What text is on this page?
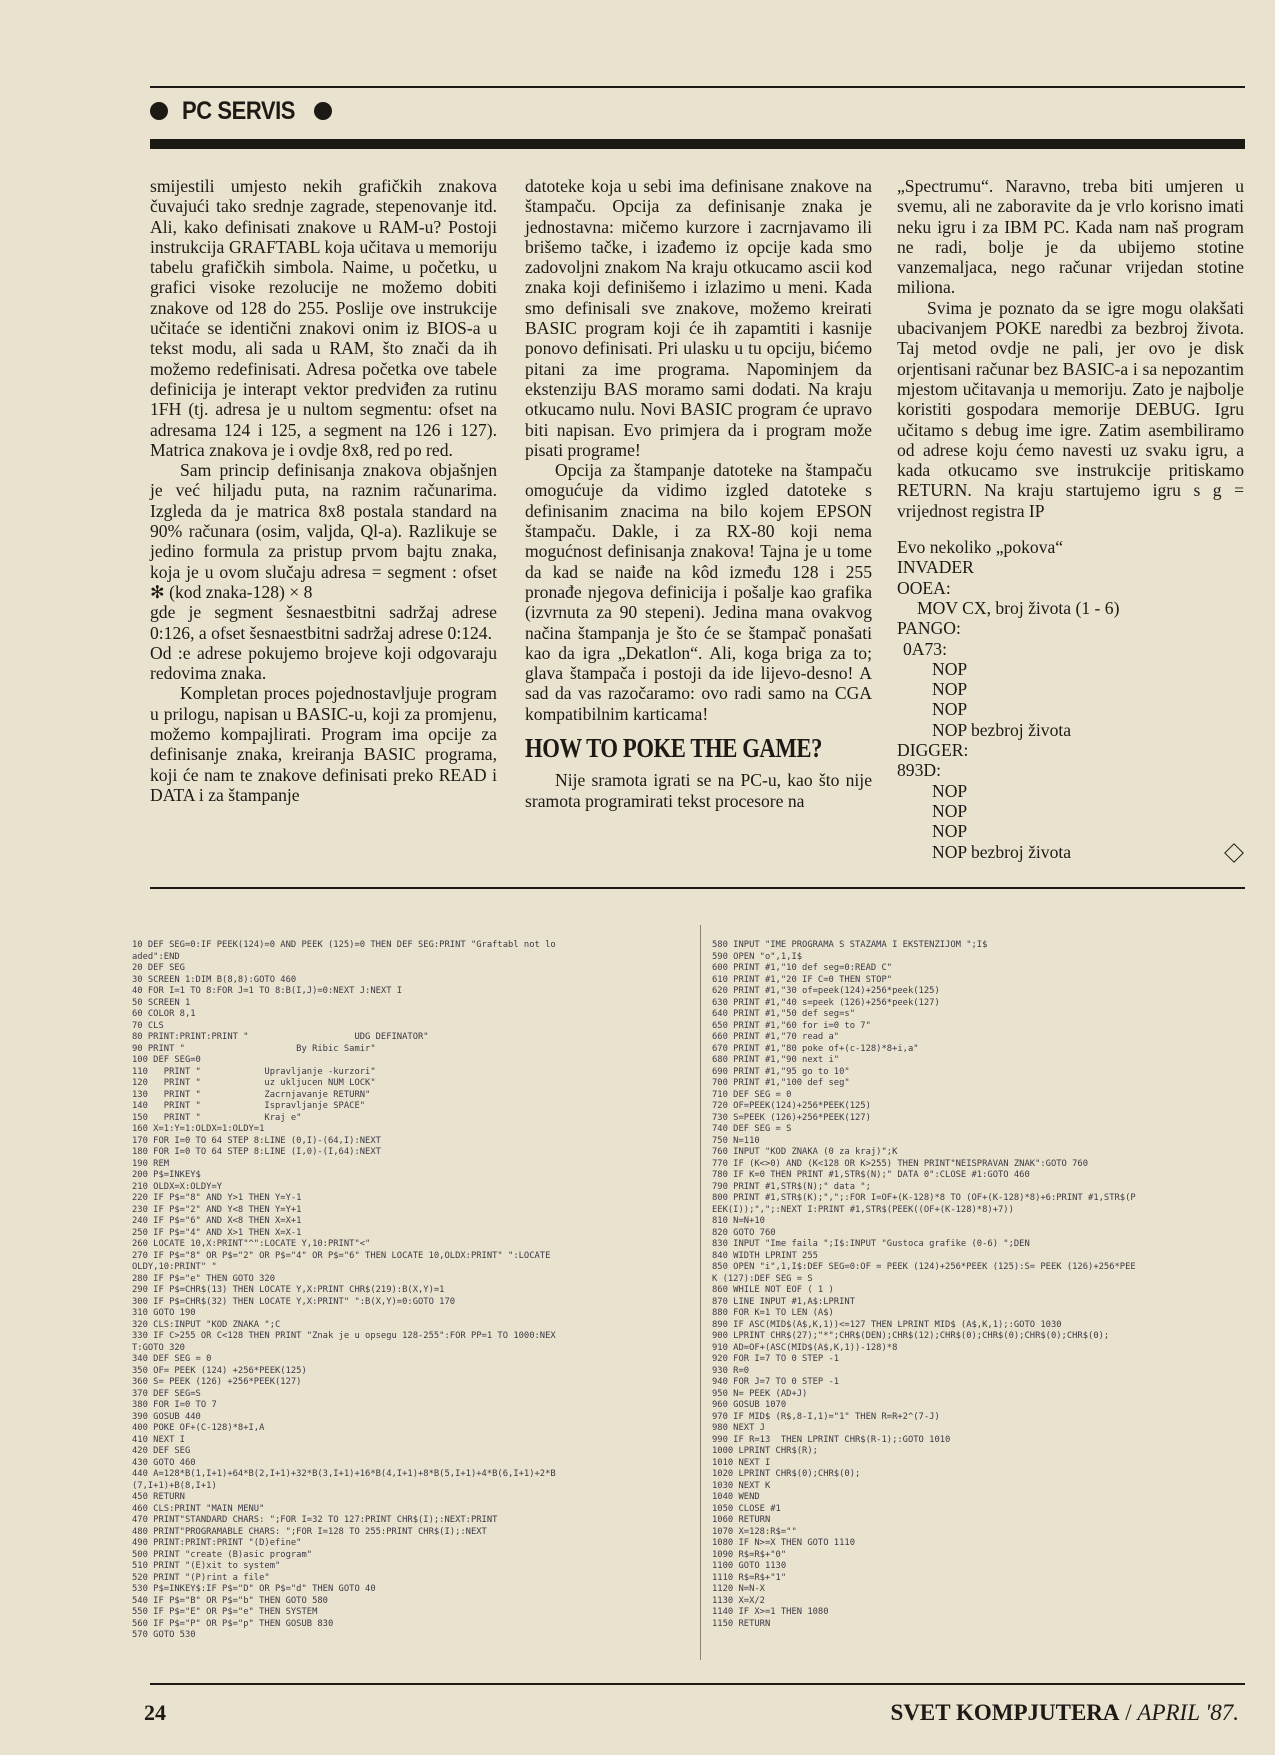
PC SERVIS

smijestili umjesto nekih grafičkih znakova čuvajući tako srednje zagrade, stepenovanje itd. Ali, kako definisati znakove u RAM-u? Postoji instrukcija GRAFTABL koja učitava u memoriju tabelu grafičkih simbola. Naime, u početku, u grafici visoke rezolucije ne možemo dobiti znakove od 128 do 255. Poslije ove instrukcije učitaće se identični znakovi onim iz BIOS-a u tekst modu, ali sada u RAM, što znači da ih možemo redefinisati. Adresa početka ove tabele definicija je interapt vektor predviđen za rutinu 1FH (tj. adresa je u nultom segmentu: ofset na adresama 124 i 125, a segment na 126 i 127). Matrica znakova je i ovdje 8x8, red po red.

Sam princip definisanja znakova objašnjen je već hiljadu puta, na raznim računarima. Izgleda da je matrica 8x8 postala standard na 90% računara (osim, valjda, Ql-a). Razlikuje se jedino formula za pristup prvom bajtu znaka, koja je u ovom slučaju adresa = segment : ofset ✻ (kod znaka-128) × 8

gde je segment šesnaestbitni sadržaj adrese 0:126, a ofset šesnaestbitni sadržaj adrese 0:124.

Od :e adrese pokujemo brojeve koji odgovaraju redovima znaka.

Kompletan proces pojednostavljuje program u prilogu, napisan u BASIC-u, koji za promjenu, možemo kompajlirati. Program ima opcije za definisanje znaka, kreiranja BASIC programa, koji će nam te znakove definisati preko READ i DATA i za štampanje

datoteke koja u sebi ima definisane znakove na štampaču. Opcija za definisanje znaka je jednostavna: mičemo kurzore i zacrnjavamo ili brišemo tačke, i izađemo iz opcije kada smo zadovoljni znakom Na kraju otkucamo ascii kod znaka koji definišemo i izlazimo u meni. Kada smo definisali sve znakove, možemo kreirati BASIC program koji će ih zapamtiti i kasnije ponovo definisati. Pri ulasku u tu opciju, bićemo pitani za ime programa. Napominjem da ekstenziju BAS moramo sami dodati. Na kraju otkucamo nulu. Novi BASIC program će upravo biti napisan. Evo primjera da i program može pisati programe!

Opcija za štampanje datoteke na štampaču omogućuje da vidimo izgled datoteke s definisanim znacima na bilo kojem EPSON štampaču. Dakle, i za RX-80 koji nema mogućnost definisanja znakova! Tajna je u tome da kad se naiđe na kôd između 128 i 255 pronađe njegova definicija i pošalje kao grafika (izvrnuta za 90 stepeni). Jedina mana ovakvog načina štampanja je što će se štampač ponašati kao da igra „Dekatlon“. Ali, koga briga za to; glava štampača i postoji da ide lijevo-desno! A sad da vas razočaramo: ovo radi samo na CGA kompatibilnim karticama!

HOW TO POKE THE GAME?

Nije sramota igrati se na PC-u, kao što nije sramota programirati tekst procesore na

„Spectrumu“. Naravno, treba biti umjeren u svemu, ali ne zaboravite da je vrlo korisno imati neku igru i za IBM PC. Kada nam naš program ne radi, bolje je da ubijemo stotine vanzemaljaca, nego računar vrijedan stotine miliona.

Svima je poznato da se igre mogu olakšati ubacivanjem POKE naredbi za bezbroj života. Taj metod ovdje ne pali, jer ovo je disk orjentisani računar bez BASIC-a i sa nepozantim mjestom učitavanja u memoriju. Zato je najbolje koristiti gospodara memorije DEBUG. Igru učitamo s debug ime igre. Zatim asembiliramo od adrese koju ćemo navesti uz svaku igru, a kada otkucamo sve instrukcije pritiskamo RETURN. Na kraju startujemo igru s g = vrijednost registra IP

Evo nekoliko „pokova“
INVADER
OOEA:
MOV CX, broj života (1 - 6)
PANGO:
0A73:
NOP
NOP
NOP
NOP bezbroj života
DIGGER:
893D:
NOP
NOP
NOP
NOP bezbroj života
10 DEF SEG=0:IF PEEK(124)=0 AND PEEK (125)=0 THEN DEF SEG:PRINT "Graftabl not lo
aded":END
20 DEF SEG
30 SCREEN 1:DIM B(8,8):GOTO 460
40 FOR I=1 TO 8:FOR J=1 TO 8:B(I,J)=0:NEXT J:NEXT I
50 SCREEN 1
60 COLOR 8,1
70 CLS
80 PRINT:PRINT:PRINT "                    UDG DEFINATOR"
90 PRINT "                     By Ribic Samir"
100 DEF SEG=0
110   PRINT "            Upravljanje -kurzori"
120   PRINT "            uz ukljucen NUM LOCK"
130   PRINT "            Zacrnjavanje RETURN"
140   PRINT "            Ispravljanje SPACE"
150   PRINT "            Kraj e"
160 X=1:Y=1:OLDX=1:OLDY=1
170 FOR I=0 TO 64 STEP 8:LINE (0,I)-(64,I):NEXT
180 FOR I=0 TO 64 STEP 8:LINE (I,0)-(I,64):NEXT
190 REM
200 P$=INKEY$
210 OLDX=X:OLDY=Y
220 IF P$="8" AND Y>1 THEN Y=Y-1
230 IF P$="2" AND Y<8 THEN Y=Y+1
240 IF P$="6" AND X<8 THEN X=X+1
250 IF P$="4" AND X>1 THEN X=X-1
260 LOCATE 10,X:PRINT"^":LOCATE Y,10:PRINT"<"
270 IF P$="8" OR P$="2" OR P$="4" OR P$="6" THEN LOCATE 10,OLDX:PRINT" ":LOCATE
OLDY,10:PRINT" "
280 IF P$="e" THEN GOTO 320
290 IF P$=CHR$(13) THEN LOCATE Y,X:PRINT CHR$(219):B(X,Y)=1
300 IF P$=CHR$(32) THEN LOCATE Y,X:PRINT" ":B(X,Y)=0:GOTO 170
310 GOTO 190
320 CLS:INPUT "KOD ZNAKA ";C
330 IF C>255 OR C<128 THEN PRINT "Znak je u opsegu 128-255":FOR PP=1 TO 1000:NEX
T:GOTO 320
340 DEF SEG = 0
350 OF= PEEK (124) +256*PEEK(125)
360 S= PEEK (126) +256*PEEK(127)
370 DEF SEG=S
380 FOR I=0 TO 7
390 GOSUB 440
400 POKE OF+(C-128)*8+I,A
410 NEXT I
420 DEF SEG
430 GOTO 460
440 A=128*B(1,I+1)+64*B(2,I+1)+32*B(3,I+1)+16*B(4,I+1)+8*B(5,I+1)+4*B(6,I+1)+2*B
(7,I+1)+B(8,I+1)
450 RETURN
460 CLS:PRINT "MAIN MENU"
470 PRINT"STANDARD CHARS: ";FOR I=32 TO 127:PRINT CHR$(I);:NEXT:PRINT
480 PRINT"PROGRAMABLE CHARS: ";FOR I=128 TO 255:PRINT CHR$(I);:NEXT
490 PRINT:PRINT:PRINT "(D)efine"
500 PRINT "create (B)asic program"
510 PRINT "(E)xit to system"
520 PRINT "(P)rint a file"
530 P$=INKEY$:IF P$="D" OR P$="d" THEN GOTO 40
540 IF P$="B" OR P$="b" THEN GOTO 580
550 IF P$="E" OR P$="e" THEN SYSTEM
560 IF P$="P" OR P$="p" THEN GOSUB 830
570 GOTO 530
580 INPUT "IME PROGRAMA S STAZAMA I EKSTENZIJOM ";I$
590 OPEN "o",1,I$
600 PRINT #1,"10 def seg=0:READ C"
610 PRINT #1,"20 IF C=0 THEN STOP"
620 PRINT #1,"30 of=peek(124)+256*peek(125)
630 PRINT #1,"40 s=peek (126)+256*peek(127)
640 PRINT #1,"50 def seg=s"
650 PRINT #1,"60 for i=0 to 7"
660 PRINT #1,"70 read a"
670 PRINT #1,"80 poke of+(c-128)*8+i,a"
680 PRINT #1,"90 next i"
690 PRINT #1,"95 go to 10"
700 PRINT #1,"100 def seg"
710 DEF SEG = 0
720 OF=PEEK(124)+256*PEEK(125)
730 S=PEEK (126)+256*PEEK(127)
740 DEF SEG = S
750 N=110
760 INPUT "KOD ZNAKA (0 za kraj)";K
770 IF (K<>0) AND (K<128 OR K>255) THEN PRINT"NEISPRAVAN ZNAK":GOTO 760
780 IF K=0 THEN PRINT #1,STR$(N);" DATA 0":CLOSE #1:GOTO 460
790 PRINT #1,STR$(N);" data ";
800 PRINT #1,STR$(K);",";:FOR I=OF+(K-128)*8 TO (OF+(K-128)*8)+6:PRINT #1,STR$(P
EEK(I));",";:NEXT I:PRINT #1,STR$(PEEK((OF+(K-128)*8)+7))
810 N=N+10
820 GOTO 760
830 INPUT "Ime faila ";I$:INPUT "Gustoca grafike (0-6) ";DEN
840 WIDTH LPRINT 255
850 OPEN "i",1,I$:DEF SEG=0:OF = PEEK (124)+256*PEEK (125):S= PEEK (126)+256*PEE
K (127):DEF SEG = S
860 WHILE NOT EOF ( 1 )
870 LINE INPUT #1,A$:LPRINT
880 FOR K=1 TO LEN (A$)
890 IF ASC(MID$(A$,K,1))<=127 THEN LPRINT MID$ (A$,K,1);:GOTO 1030
900 LPRINT CHR$(27);"*";CHR$(DEN);CHR$(12);CHR$(0);CHR$(0);CHR$(0);CHR$(0);
910 AD=OF+(ASC(MID$(A$,K,1))-128)*8
920 FOR I=7 TO 0 STEP -1
930 R=0
940 FOR J=7 TO 0 STEP -1
950 N= PEEK (AD+J)
960 GOSUB 1070
970 IF MID$ (R$,8-I,1)="1" THEN R=R+2^(7-J)
980 NEXT J
990 IF R=13  THEN LPRINT CHR$(R-1);:GOTO 1010
1000 LPRINT CHR$(R);
1010 NEXT I
1020 LPRINT CHR$(0);CHR$(0);
1030 NEXT K
1040 WEND
1050 CLOSE #1
1060 RETURN
1070 X=128:R$=""
1080 IF N>=X THEN GOTO 1110
1090 R$=R$+"0"
1100 GOTO 1130
1110 R$=R$+"1"
1120 N=N-X
1130 X=X/2
1140 IF X>=1 THEN 1080
1150 RETURN
24	SVET KOMPJUTERA / APRIL '87.
